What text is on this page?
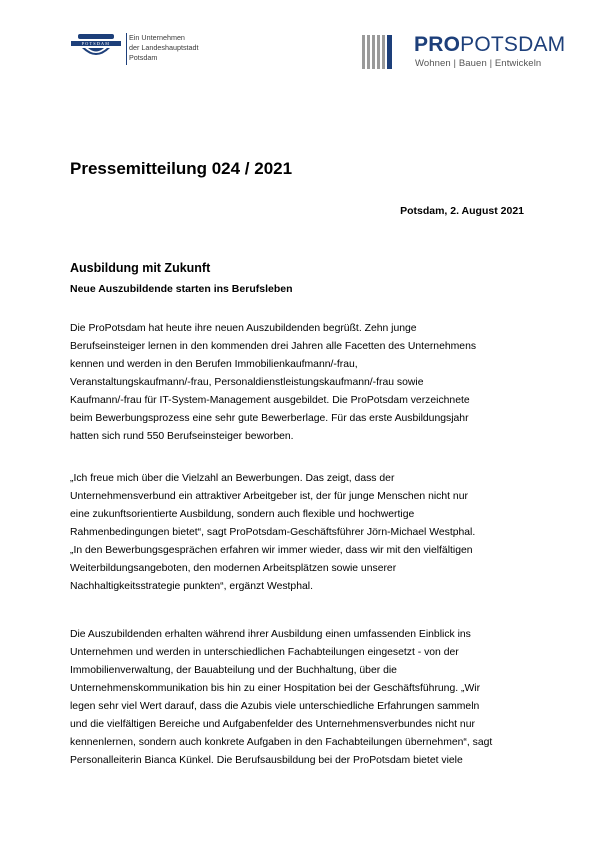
POTSDAM
Ein Unternehmen
der Landeshauptstadt
Potsdam
PROPOTSDAM
Wohnen | Bauen | Entwickeln
Pressemitteilung 024 / 2021
Potsdam, 2. August 2021
Ausbildung mit Zukunft
Neue Auszubildende starten ins Berufsleben
Die ProPotsdam hat heute ihre neuen Auszubildenden begrüßt. Zehn junge
Berufseinsteiger lernen in den kommenden drei Jahren alle Facetten des Unternehmens
kennen und werden in den Berufen Immobilienkaufmann/-frau,
Veranstaltungskaufmann/-frau, Personaldienstleistungskaufmann/-frau sowie
Kaufmann/-frau für IT-System-Management ausgebildet. Die ProPotsdam verzeichnete
beim Bewerbungsprozess eine sehr gute Bewerberlage. Für das erste Ausbildungsjahr
hatten sich rund 550 Berufseinsteiger beworben.
„Ich freue mich über die Vielzahl an Bewerbungen. Das zeigt, dass der
Unternehmensverbund ein attraktiver Arbeitgeber ist, der für junge Menschen nicht nur
eine zukunftsorientierte Ausbildung, sondern auch flexible und hochwertige
Rahmenbedingungen bietet“, sagt ProPotsdam-Geschäftsführer Jörn-Michael Westphal.
„In den Bewerbungsgesprächen erfahren wir immer wieder, dass wir mit den vielfältigen
Weiterbildungsangeboten, den modernen Arbeitsplätzen sowie unserer
Nachhaltigkeitsstrategie punkten“, ergänzt Westphal.
Die Auszubildenden erhalten während ihrer Ausbildung einen umfassenden Einblick ins
Unternehmen und werden in unterschiedlichen Fachabteilungen eingesetzt - von der
Immobilienverwaltung, der Bauabteilung und der Buchhaltung, über die
Unternehmenskommunikation bis hin zu einer Hospitation bei der Geschäftsführung. „Wir
legen sehr viel Wert darauf, dass die Azubis viele unterschiedliche Erfahrungen sammeln
und die vielfältigen Bereiche und Aufgabenfelder des Unternehmensverbundes nicht nur
kennenlernen, sondern auch konkrete Aufgaben in den Fachabteilungen übernehmen“, sagt
Personalleiterin Bianca Künkel. Die Berufsausbildung bei der ProPotsdam bietet viele
